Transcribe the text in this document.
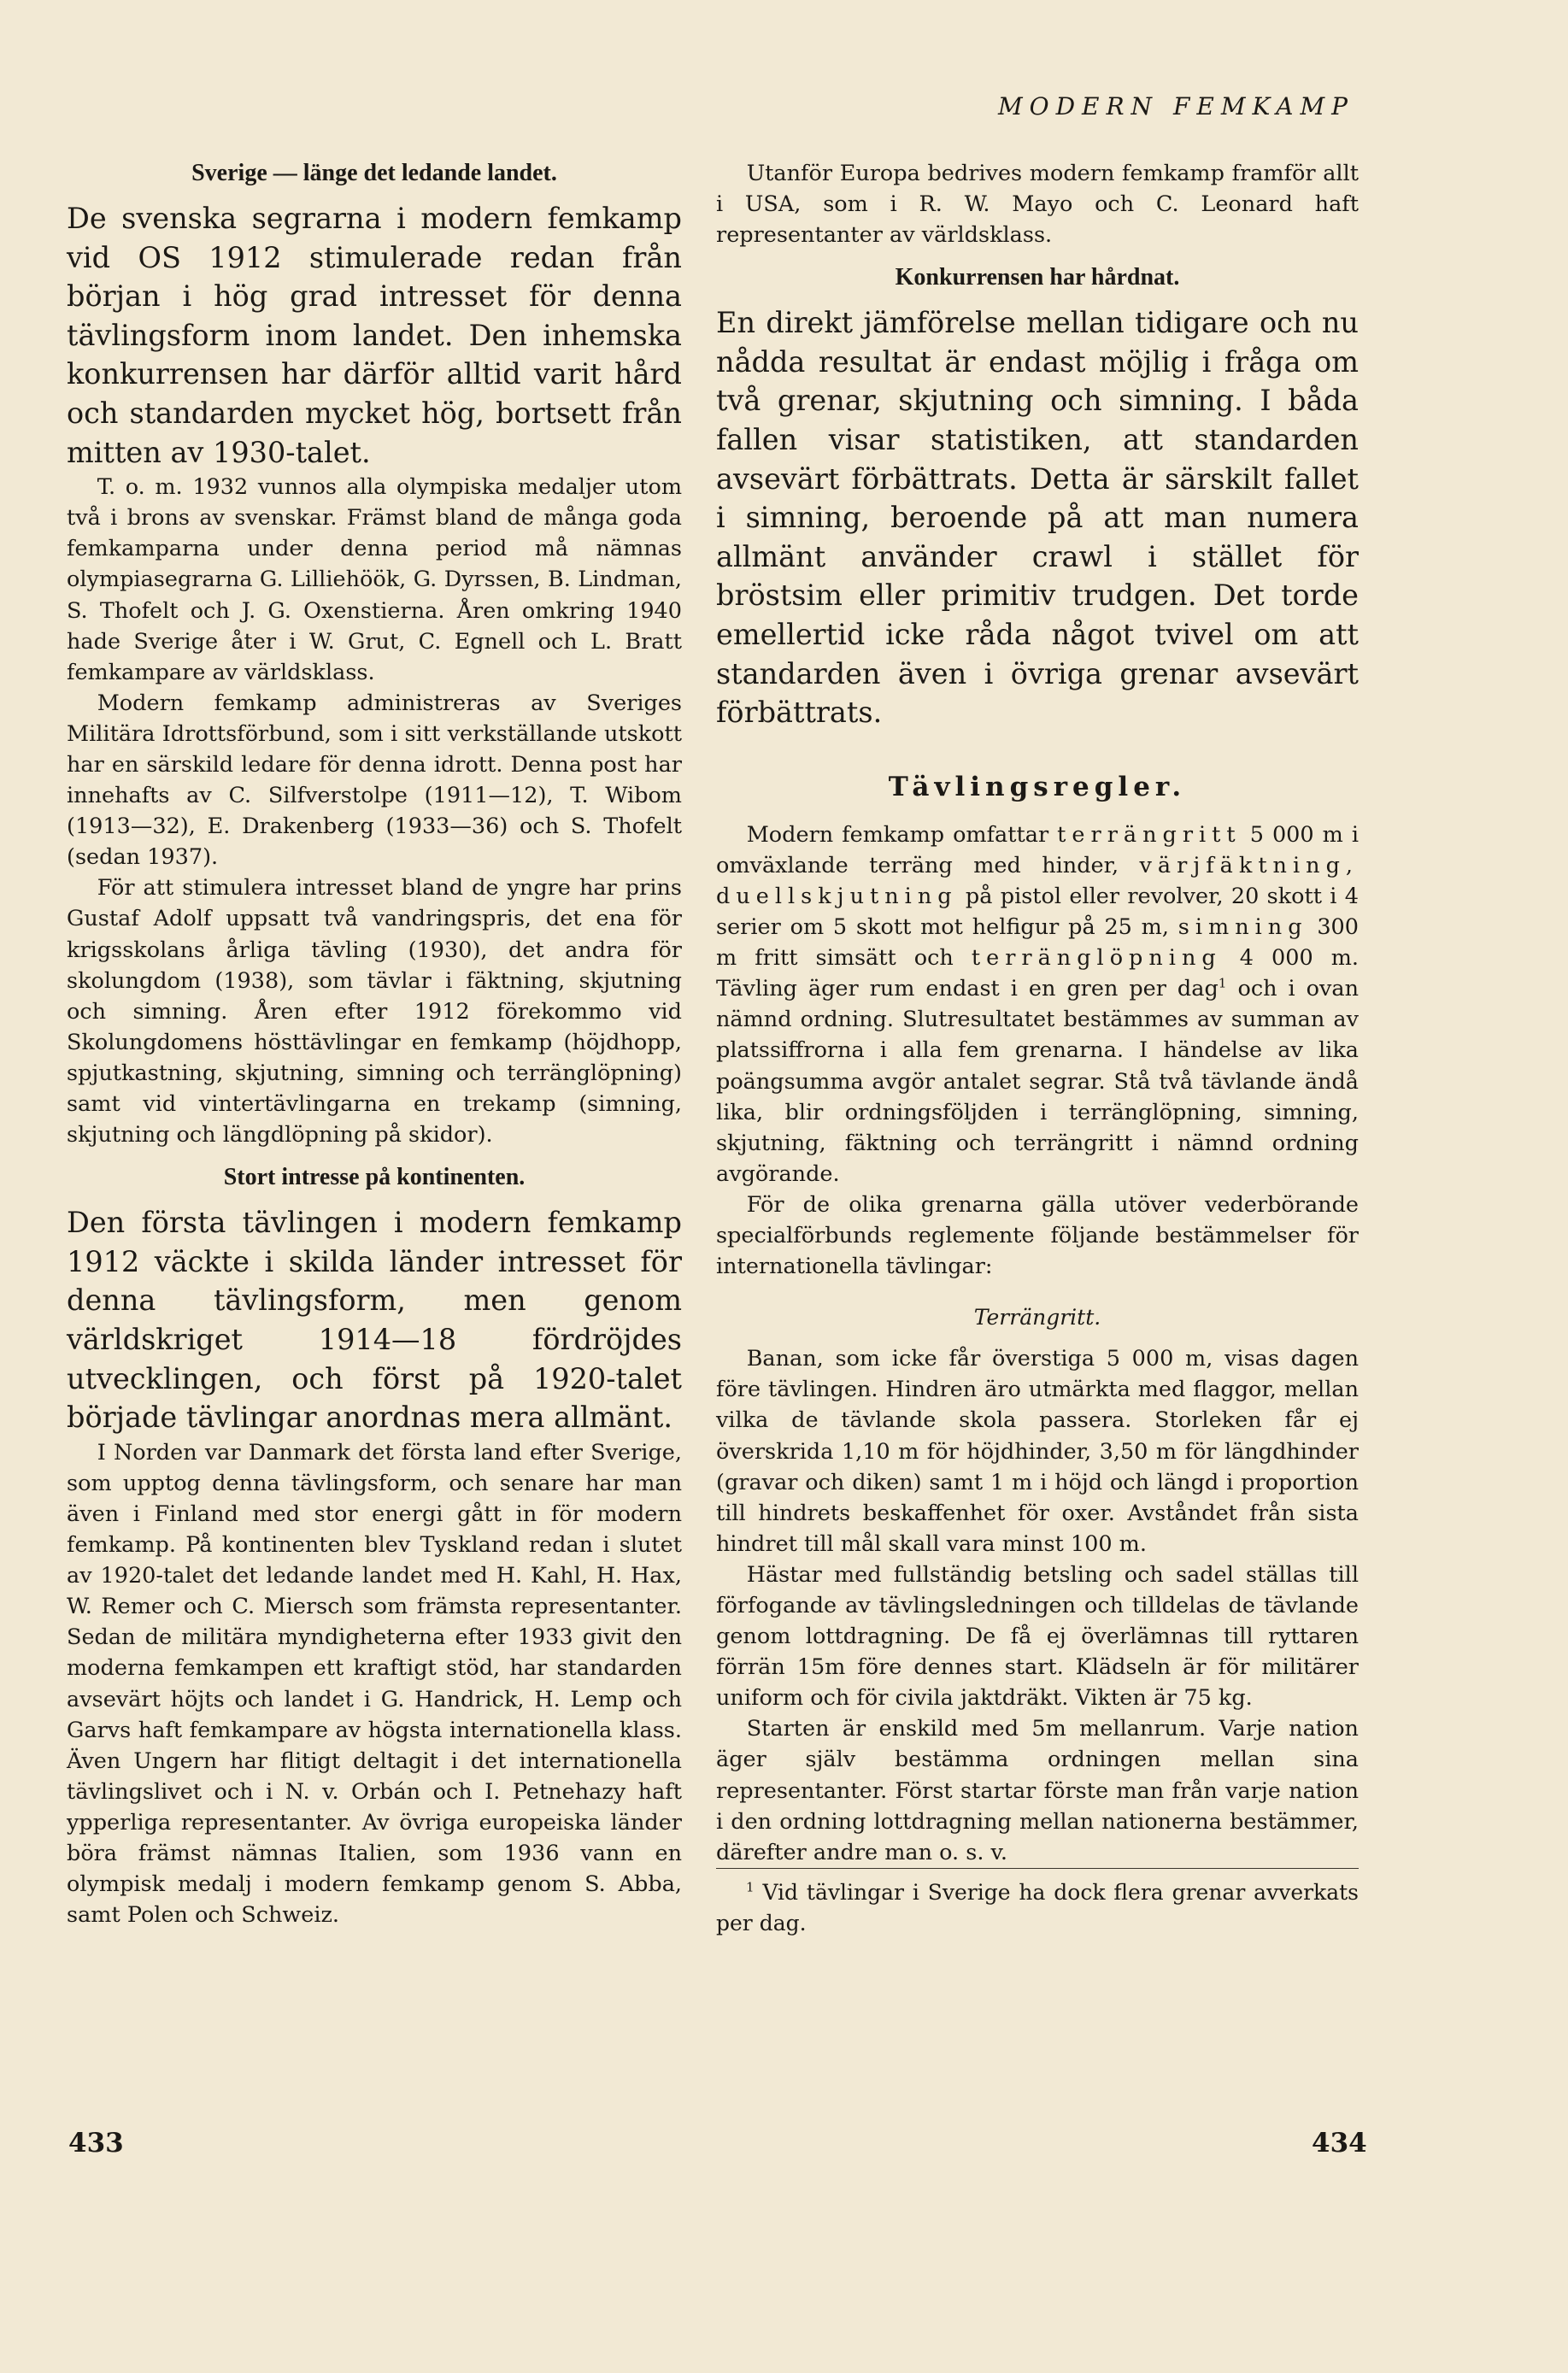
MODERN FEMKAMP
Sverige — länge det ledande landet.

De svenska segrarna i modern femkamp vid OS 1912 stimulerade redan från början i hög grad intresset för denna tävlingsform inom landet. Den inhemska konkurrensen har därför alltid varit hård och standarden mycket hög, bortsett från mitten av 1930-talet.

T. o. m. 1932 vunnos alla olympiska medaljer utom två i brons av svenskar. Främst bland de många goda femkamparna under denna period må nämnas olympiasegrarna G. Lilliehöök, G. Dyrssen, B. Lindman, S. Thofelt och J. G. Oxenstierna. Åren omkring 1940 hade Sverige åter i W. Grut, C. Egnell och L. Bratt femkampare av världsklass.

Modern femkamp administreras av Sveriges Militära Idrottsförbund, som i sitt verkställande utskott har en särskild ledare för denna idrott. Denna post har innehafts av C. Silfverstolpe (1911—12), T. Wibom (1913—32), E. Drakenberg (1933—36) och S. Thofelt (sedan 1937).

För att stimulera intresset bland de yngre har prins Gustaf Adolf uppsatt två vandringspris, det ena för krigsskolans årliga tävling (1930), det andra för skolungdom (1938), som tävlar i fäktning, skjutning och simning. Åren efter 1912 förekommo vid Skolungdomens hösttävlingar en femkamp (höjdhopp, spjutkastning, skjutning, simning och terränglöpning) samt vid vintertävlingarna en trekamp (simning, skjutning och längdlöpning på skidor).

Stort intresse på kontinenten.

Den första tävlingen i modern femkamp 1912 väckte i skilda länder intresset för denna tävlingsform, men genom världskriget 1914—18 fördröjdes utvecklingen, och först på 1920-talet började tävlingar anordnas mera allmänt.

I Norden var Danmark det första land efter Sverige, som upptog denna tävlingsform, och senare har man även i Finland med stor energi gått in för modern femkamp. På kontinenten blev Tyskland redan i slutet av 1920-talet det ledande landet med H. Kahl, H. Hax, W. Remer och C. Miersch som främsta representanter. Sedan de militära myndigheterna efter 1933 givit den moderna femkampen ett kraftigt stöd, har standarden avsevärt höjts och landet i G. Handrick, H. Lemp och Garvs haft femkampare av högsta internationella klass. Även Ungern har flitigt deltagit i det internationella tävlingslivet och i N. v. Orbán och I. Petnehazy haft ypperliga representanter. Av övriga europeiska länder böra främst nämnas Italien, som 1936 vann en olympisk medalj i modern femkamp genom S. Abba, samt Polen och Schweiz.

Utanför Europa bedrives modern femkamp framför allt i USA, som i R. W. Mayo och C. Leonard haft representanter av världsklass.

Konkurrensen har hårdnat.

En direkt jämförelse mellan tidigare och nu nådda resultat är endast möjlig i fråga om två grenar, skjutning och simning. I båda fallen visar statistiken, att standarden avsevärt förbättrats. Detta är särskilt fallet i simning, beroende på att man numera allmänt använder crawl i stället för bröstsim eller primitiv trudgen. Det torde emellertid icke råda något tvivel om att standarden även i övriga grenar avsevärt förbättrats.

Tävlingsregler.

Modern femkamp omfattar terrängritt 5 000 m i omväxlande terräng med hinder, värjfäktning, duellskjutning på pistol eller revolver, 20 skott i 4 serier om 5 skott mot helfigur på 25 m, simning 300 m fritt simsätt och terränglöpning 4 000 m. Tävling äger rum endast i en gren per dag$^1$ och i ovan nämnd ordning. Slutresultatet bestämmes av summan av platssiffrorna i alla fem grenarna. I händelse av lika poängsumma avgör antalet segrar. Stå två tävlande ändå lika, blir ordningsföljden i terränglöpning, simning, skjutning, fäktning och terrängritt i nämnd ordning avgörande.

För de olika grenarna gälla utöver vederbörande specialförbunds reglemente följande bestämmelser för internationella tävlingar:

Terrängritt.

Banan, som icke får överstiga 5 000 m, visas dagen före tävlingen. Hindren äro utmärkta med flaggor, mellan vilka de tävlande skola passera. Storleken får ej överskrida 1,10 m för höjdhinder, 3,50 m för längdhinder (gravar och diken) samt 1 m i höjd och längd i proportion till hindrets beskaffenhet för oxer. Avståndet från sista hindret till mål skall vara minst 100 m.

Hästar med fullständig betsling och sadel ställas till förfogande av tävlingsledningen och tilldelas de tävlande genom lottdragning. De få ej överlämnas till ryttaren förrän 15m före dennes start. Klädseln är för militärer uniform och för civila jaktdräkt. Vikten är 75 kg.

Starten är enskild med 5m mellanrum. Varje nation äger själv bestämma ordningen mellan sina representanter. Först startar förste man från varje nation i den ordning lottdragning mellan nationerna bestämmer, därefter andre man o. s. v.

$^1$ Vid tävlingar i Sverige ha dock flera grenar avverkats per dag.

433	434
